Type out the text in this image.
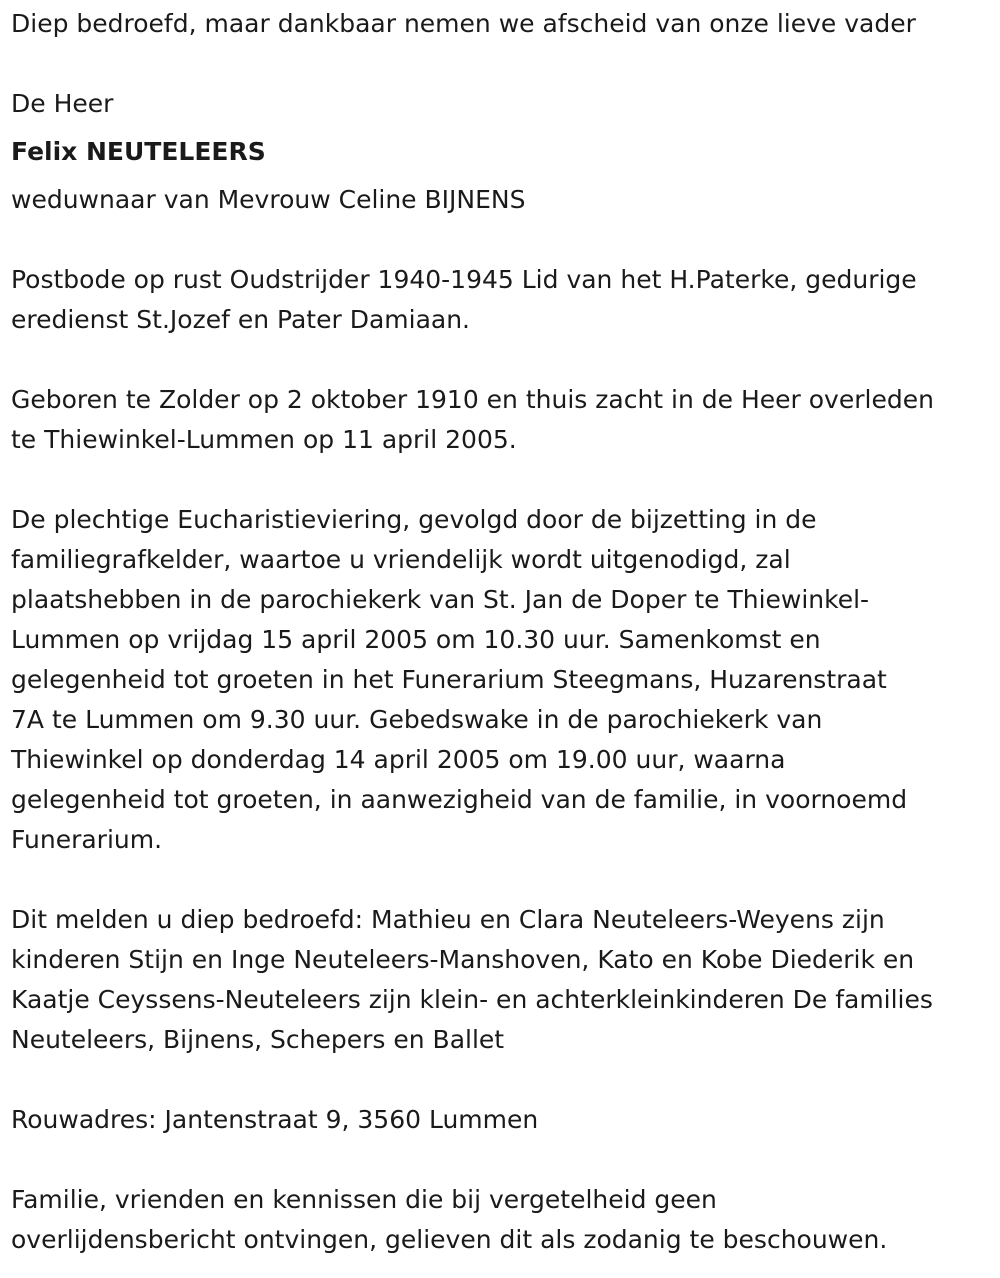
Diep bedroefd, maar dankbaar nemen we afscheid van onze lieve vader

De Heer

Felix NEUTELEERS

weduwnaar van Mevrouw Celine BIJNENS

Postbode op rust Oudstrijder 1940-1945 Lid van het H.Paterke, gedurige

eredienst St.Jozef en Pater Damiaan.

Geboren te Zolder op 2 oktober 1910 en thuis zacht in de Heer overleden

te Thiewinkel-Lummen op 11 april 2005.

De plechtige Eucharistieviering, gevolgd door de bijzetting in de

familiegrafkelder, waartoe u vriendelijk wordt uitgenodigd, zal

plaatshebben in de parochiekerk van St. Jan de Doper te Thiewinkel-

Lummen op vrijdag 15 april 2005 om 10.30 uur. Samenkomst en

gelegenheid tot groeten in het Funerarium Steegmans, Huzarenstraat

7A te Lummen om 9.30 uur. Gebedswake in de parochiekerk van

Thiewinkel op donderdag 14 april 2005 om 19.00 uur, waarna

gelegenheid tot groeten, in aanwezigheid van de familie, in voornoemd

Funerarium.

Dit melden u diep bedroefd: Mathieu en Clara Neuteleers-Weyens zijn

kinderen Stijn en Inge Neuteleers-Manshoven, Kato en Kobe Diederik en

Kaatje Ceyssens-Neuteleers zijn klein- en achterkleinkinderen De families

Neuteleers, Bijnens, Schepers en Ballet

Rouwadres: Jantenstraat 9, 3560 Lummen

Familie, vrienden en kennissen die bij vergetelheid geen

overlijdensbericht ontvingen, gelieven dit als zodanig te beschouwen.
